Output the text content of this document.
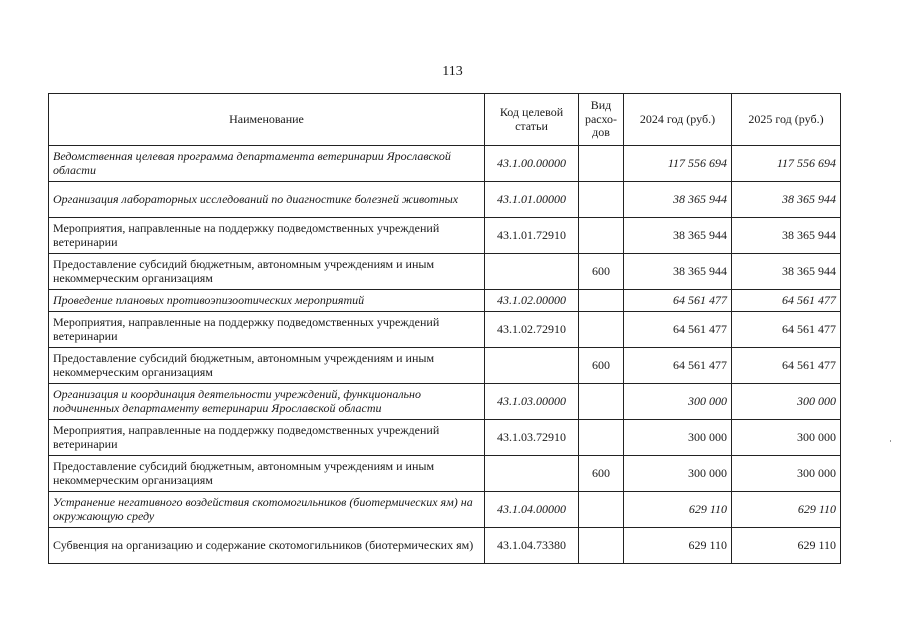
113
Наименование	Код целевой статьи	Вид расхо-дов	2024 год (руб.)	2025 год (руб.)
Ведомственная целевая программа департамента ветеринарии Ярославской области	43.1.00.00000		117 556 694	117 556 694
Организация лабораторных исследований по диагностике болезней животных	43.1.01.00000		38 365 944	38 365 944
Мероприятия, направленные на поддержку подведомственных учреждений ветеринарии	43.1.01.72910		38 365 944	38 365 944
Предоставление субсидий бюджетным, автономным учреждениям и иным некоммерческим организациям		600	38 365 944	38 365 944
Проведение плановых противоэпизоотических мероприятий	43.1.02.00000		64 561 477	64 561 477
Мероприятия, направленные на поддержку подведомственных учреждений ветеринарии	43.1.02.72910		64 561 477	64 561 477
Предоставление субсидий бюджетным, автономным учреждениям и иным некоммерческим организациям		600	64 561 477	64 561 477
Организация и координация деятельности учреждений, функционально подчиненных департаменту ветеринарии Ярославской области	43.1.03.00000		300 000	300 000
Мероприятия, направленные на поддержку подведомственных учреждений ветеринарии	43.1.03.72910		300 000	300 000
Предоставление субсидий бюджетным, автономным учреждениям и иным некоммерческим организациям		600	300 000	300 000
Устранение негативного воздействия скотомогильников (биотермических ям) на окружающую среду	43.1.04.00000		629 110	629 110
Субвенция на организацию и содержание скотомогильников (биотермических ям)	43.1.04.73380		629 110	629 110
